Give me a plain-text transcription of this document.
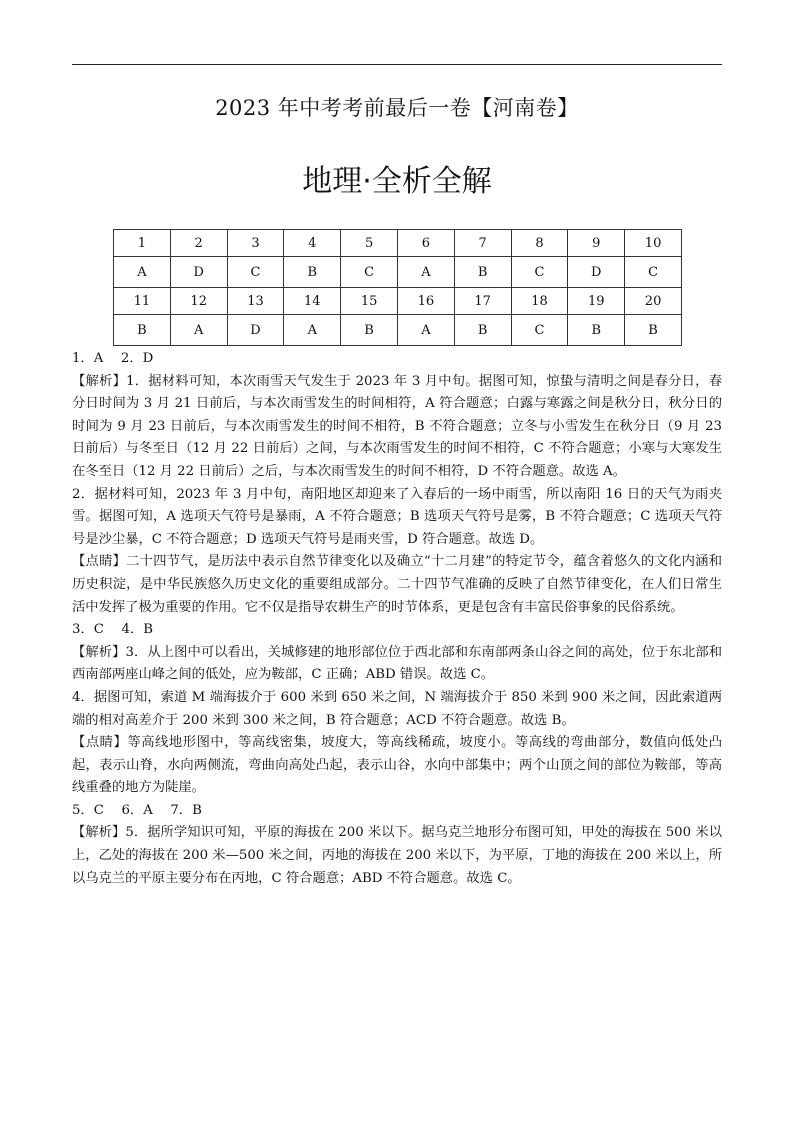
2023 年中考考前最后一卷【河南卷】
地理·全析全解
1	2	3	4	5	6	7	8	9	10
A	D	C	B	C	A	B	C	D	C
11	12	13	14	15	16	17	18	19	20
B	A	D	A	B	A	B	C	B	B

1．A　 2．D

【解析】1．据材料可知，本次雨雪天气发生于 2023 年 3 月中旬。据图可知，惊蛰与清明之间是春分日，春分日时间为 3 月 21 日前后，与本次雨雪发生的时间相符，A 符合题意；白露与寒露之间是秋分日，秋分日的时间为 9 月 23 日前后，与本次雨雪发生的时间不相符，B 不符合题意；立冬与小雪发生在秋分日（9 月 23 日前后）与冬至日（12 月 22 日前后）之间，与本次雨雪发生的时间不相符，C 不符合题意；小寒与大寒发生在冬至日（12 月 22 日前后）之后，与本次雨雪发生的时间不相符，D 不符合题意。故选 A。

2．据材料可知，2023 年 3 月中旬，南阳地区却迎来了入春后的一场中雨雪，所以南阳 16 日的天气为雨夹雪。据图可知，A 选项天气符号是暴雨，A 不符合题意；B 选项天气符号是雾，B 不符合题意；C 选项天气符号是沙尘暴，C 不符合题意；D 选项天气符号是雨夹雪，D 符合题意。故选 D。

【点睛】二十四节气，是历法中表示自然节律变化以及确立“十二月建”的特定节令，蕴含着悠久的文化内涵和历史积淀，是中华民族悠久历史文化的重要组成部分。二十四节气准确的反映了自然节律变化，在人们日常生活中发挥了极为重要的作用。它不仅是指导农耕生产的时节体系，更是包含有丰富民俗事象的民俗系统。

3．C　 4．B

【解析】3．从上图中可以看出，关城修建的地形部位位于西北部和东南部两条山谷之间的高处，位于东北部和西南部两座山峰之间的低处，应为鞍部，C 正确；ABD 错误。故选 C。

4．据图可知，索道 M 端海拔介于 600 米到 650 米之间，N 端海拔介于 850 米到 900 米之间，因此索道两端的相对高差介于 200 米到 300 米之间，B 符合题意；ACD 不符合题意。故选 B。

【点睛】等高线地形图中，等高线密集，坡度大，等高线稀疏，坡度小。等高线的弯曲部分，数值向低处凸起，表示山脊，水向两侧流，弯曲向高处凸起，表示山谷，水向中部集中；两个山顶之间的部位为鞍部，等高线重叠的地方为陡崖。

5．C　 6．A　 7．B

【解析】5．据所学知识可知，平原的海拔在 200 米以下。据乌克兰地形分布图可知，甲处的海拔在 500 米以上，乙处的海拔在 200 米—500 米之间，丙地的海拔在 200 米以下，为平原，丁地的海拔在 200 米以上，所以乌克兰的平原主要分布在丙地，C 符合题意；ABD 不符合题意。故选 C。
